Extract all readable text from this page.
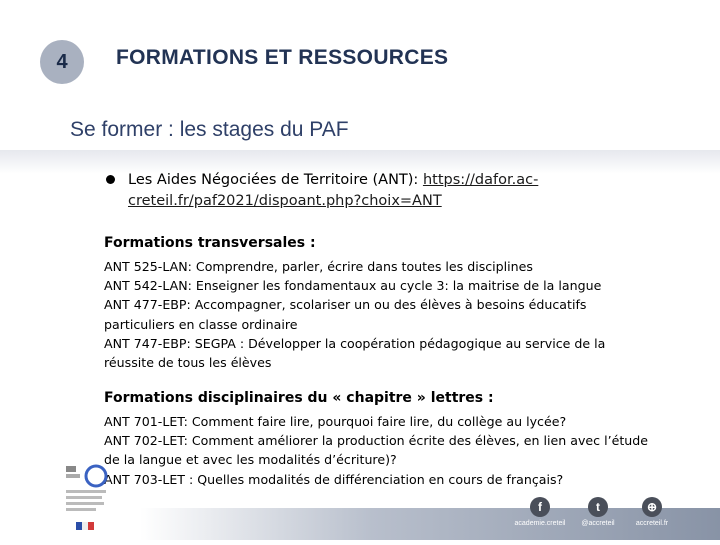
4	FORMATIONS ET RESSOURCES
Se former : les stages du PAF
Les Aides Négociées de Territoire (ANT): https://dafor.ac-
creteil.fr/paf2021/dispoant.php?choix=ANT
Formations transversales :
ANT 525-LAN: Comprendre, parler, écrire dans toutes les disciplines
ANT 542-LAN: Enseigner les fondamentaux au cycle 3: la maitrise de la langue
ANT 477-EBP: Accompagner, scolariser un ou des élèves à besoins éducatifs
particuliers en classe ordinaire
ANT 747-EBP: SEGPA : Développer la coopération pédagogique au service de la
réussite de tous les élèves
Formations disciplinaires du « chapitre » lettres :
ANT 701-LET: Comment faire lire, pourquoi faire lire, du collège au lycée?
ANT 702-LET: Comment améliorer la production écrite des élèves, en lien avec l’étude
de la langue et avec les modalités d’écriture)?
ANT 703-LET : Quelles modalités de différenciation en cours de français?
f
academie.creteil
t
@accreteil
⊕
accreteil.fr
